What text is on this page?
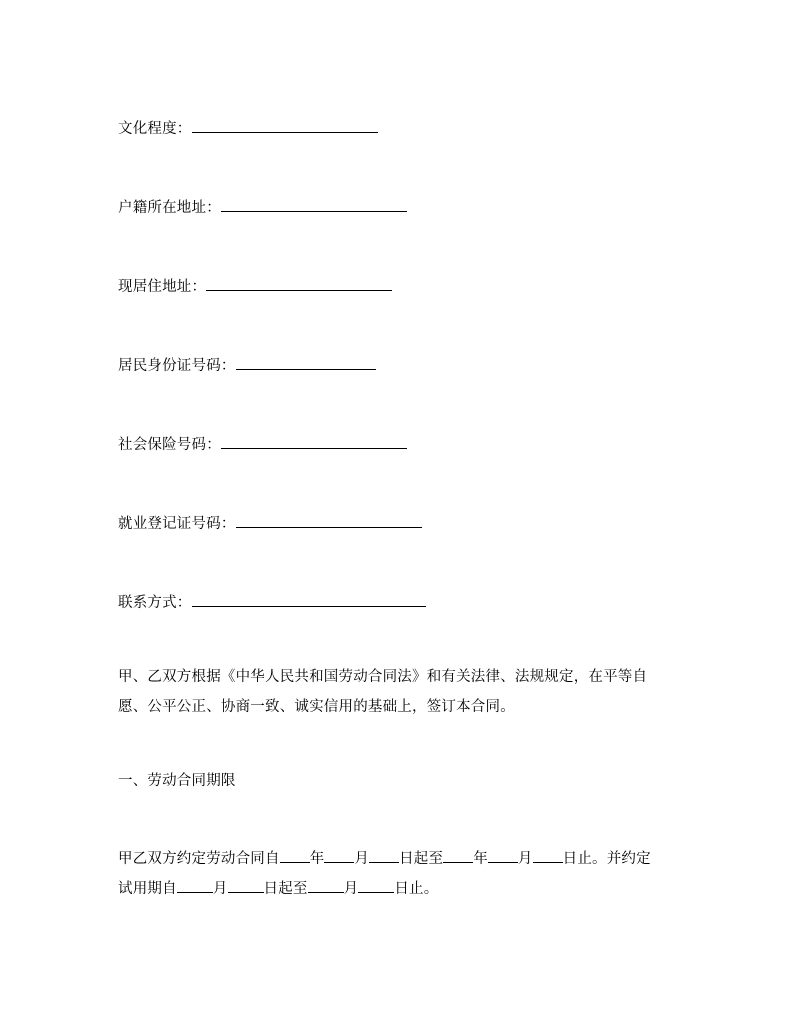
文化程度：
户籍所在地址：
现居住地址：
居民身份证号码：
社会保险号码：
就业登记证号码：
联系方式：
甲、乙双方根据《中华人民共和国劳动合同法》和有关法律、法规规定，在平等自
愿、公平公正、协商一致、诚实信用的基础上，签订本合同。
一、劳动合同期限
甲乙双方约定劳动合同自 年 月 日起至 年 月 日止。并约定
试用期自 月 日起至 月 日止。
